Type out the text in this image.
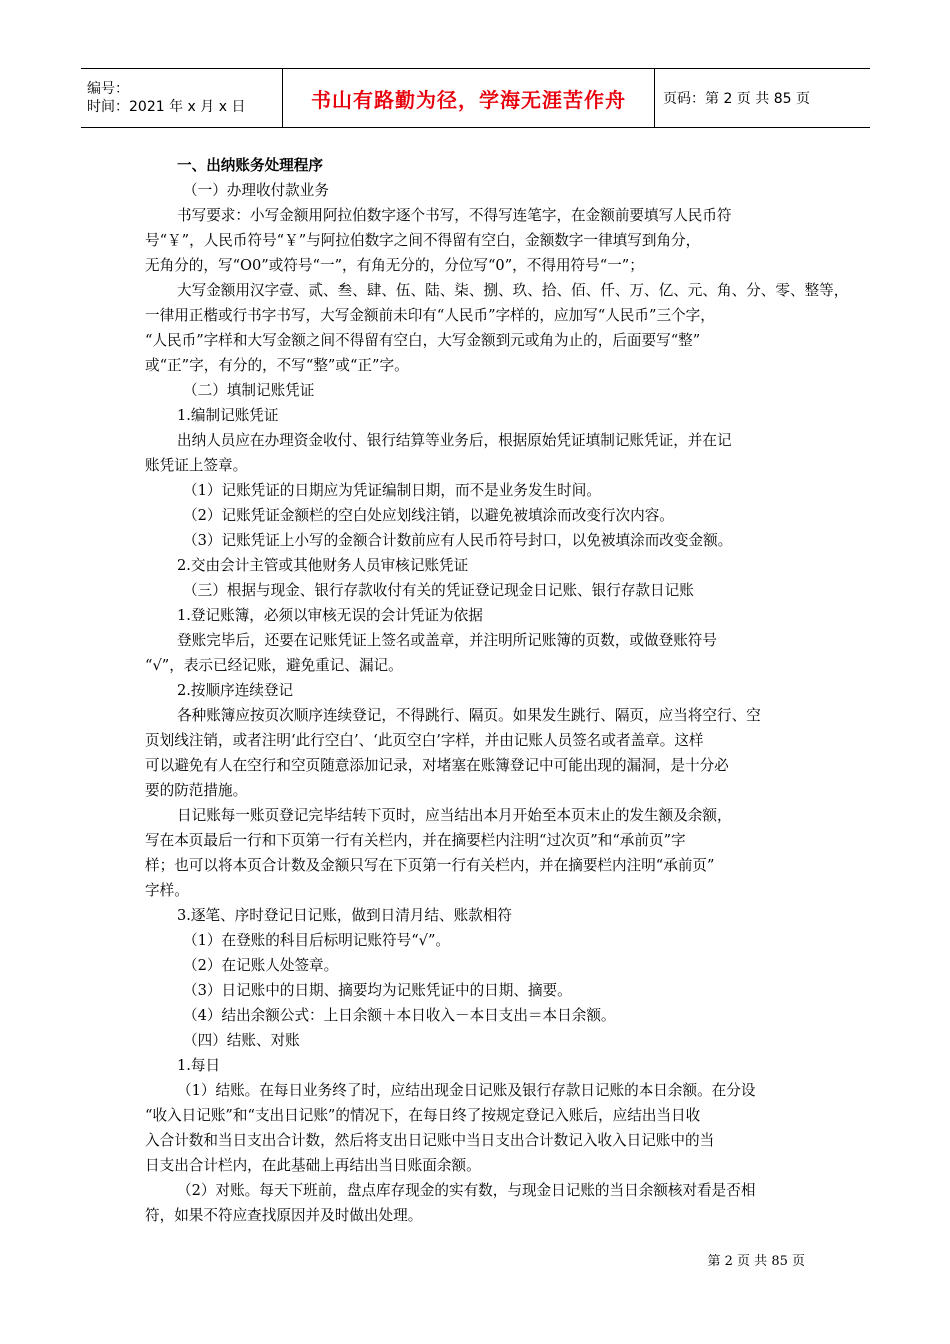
编号：
时间：2021 年 x 月 x 日	书山有路勤为径，学海无涯苦作舟	页码：第 2 页 共 85 页
一、出纳账务处理程序
（一）办理收付款业务
书写要求：小写金额用阿拉伯数字逐个书写，不得写连笔字，在金额前要填写人民币符
号“￥”，人民币符号“￥”与阿拉伯数字之间不得留有空白，金额数字一律填写到角分，
无角分的，写“O0”或符号“一”，有角无分的，分位写“0”，不得用符号“一”；
大写金额用汉字壹、贰、叁、肆、伍、陆、柒、捌、玖、拾、佰、仟、万、亿、元、角、分、零、整等，
一律用正楷或行书字书写，大写金额前未印有“人民币”字样的，应加写“人民币”三个字，
“人民币”字样和大写金额之间不得留有空白，大写金额到元或角为止的，后面要写“整”
或“正”字，有分的，不写“整”或“正”字。
（二）填制记账凭证
1.编制记账凭证
出纳人员应在办理资金收付、银行结算等业务后，根据原始凭证填制记账凭证，并在记
账凭证上签章。
（1）记账凭证的日期应为凭证编制日期，而不是业务发生时间。
（2）记账凭证金额栏的空白处应划线注销，以避免被填涂而改变行次内容。
（3）记账凭证上小写的金额合计数前应有人民币符号封口，以免被填涂而改变金额。
2.交由会计主管或其他财务人员审核记账凭证
（三）根据与现金、银行存款收付有关的凭证登记现金日记账、银行存款日记账
1.登记账簿，必须以审核无误的会计凭证为依据
登账完毕后，还要在记账凭证上签名或盖章，并注明所记账簿的页数，或做登账符号
“√”，表示已经记账，避免重记、漏记。
2.按顺序连续登记
各种账簿应按页次顺序连续登记，不得跳行、隔页。如果发生跳行、隔页，应当将空行、空
页划线注销，或者注明‘此行空白’、‘此页空白’字样，并由记账人员签名或者盖章。这样
可以避免有人在空行和空页随意添加记录，对堵塞在账簿登记中可能出现的漏洞，是十分必
要的防范措施。
日记账每一账页登记完毕结转下页时，应当结出本月开始至本页末止的发生额及余额，
写在本页最后一行和下页第一行有关栏内，并在摘要栏内注明“过次页”和“承前页”字
样；也可以将本页合计数及金额只写在下页第一行有关栏内，并在摘要栏内注明“承前页”
字样。
3.逐笔、序时登记日记账，做到日清月结、账款相符
（1）在登账的科目后标明记账符号“√”。
（2）在记账人处签章。
（3）日记账中的日期、摘要均为记账凭证中的日期、摘要。
（4）结出余额公式：上日余额＋本日收入－本日支出＝本日余额。
（四）结账、对账
1.每日
（1）结账。在每日业务终了时，应结出现金日记账及银行存款日记账的本日余额。在分设
“收入日记账”和“支出日记账”的情况下，在每日终了按规定登记入账后，应结出当日收
入合计数和当日支出合计数，然后将支出日记账中当日支出合计数记入收入日记账中的当
日支出合计栏内，在此基础上再结出当日账面余额。
（2）对账。每天下班前，盘点库存现金的实有数，与现金日记账的当日余额核对看是否相
符，如果不符应查找原因并及时做出处理。
第 2 页 共 85 页
